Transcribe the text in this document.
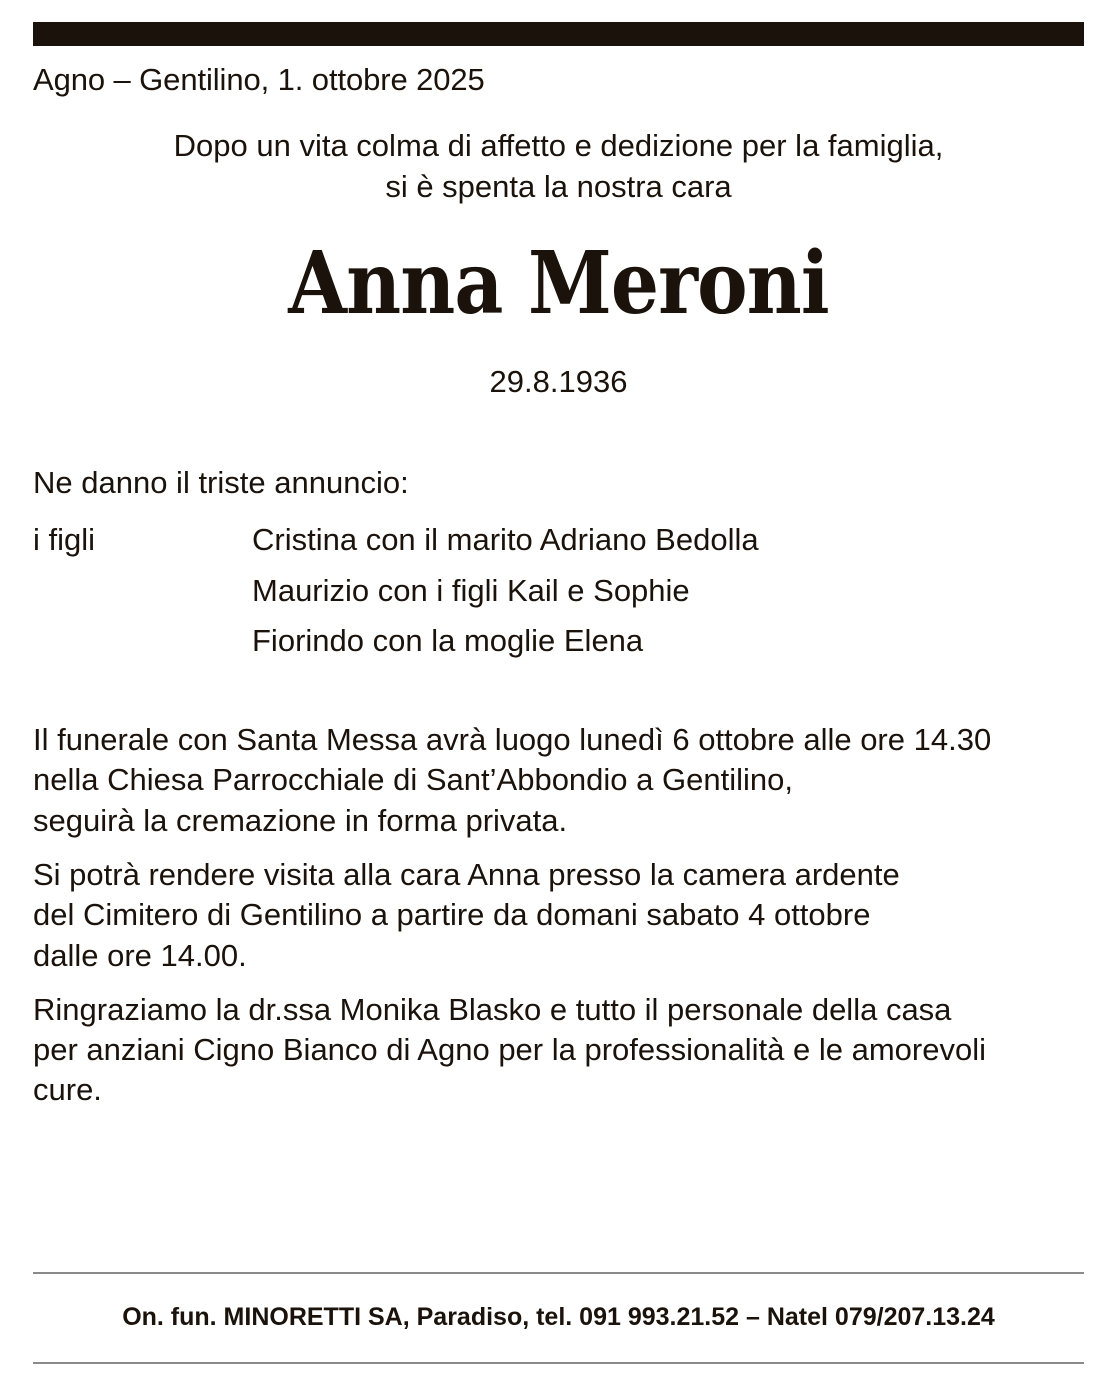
Agno – Gentilino, 1. ottobre 2025
Dopo un vita colma di affetto e dedizione per la famiglia,
si è spenta la nostra cara
Anna Meroni
29.8.1936
Ne danno il triste annuncio:
i figli	Cristina con il marito Adriano Bedolla
Maurizio con i figli Kail e Sophie
Fiorindo con la moglie Elena

Il funerale con Santa Messa avrà luogo lunedì 6 ottobre alle ore 14.30
nella Chiesa Parrocchiale di Sant’Abbondio a Gentilino,
seguirà la cremazione in forma privata.

Si potrà rendere visita alla cara Anna presso la camera ardente
del Cimitero di Gentilino a partire da domani sabato 4 ottobre
dalle ore 14.00.

Ringraziamo la dr.ssa Monika Blasko e tutto il personale della casa
per anziani Cigno Bianco di Agno per la professionalità e le amorevoli
cure.

On. fun. MINORETTI SA, Paradiso, tel. 091 993.21.52 – Natel 079/207.13.24
